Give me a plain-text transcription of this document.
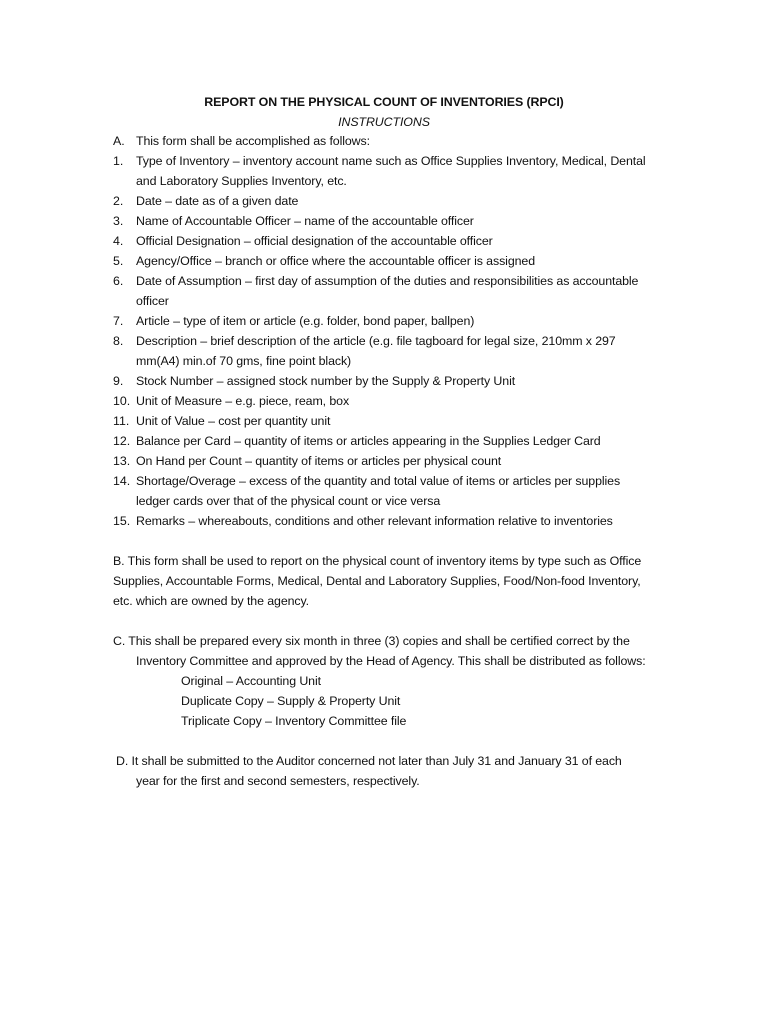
REPORT ON THE PHYSICAL COUNT OF INVENTORIES (RPCI)
INSTRUCTIONS
A. This form shall be accomplished as follows:
1. Type of Inventory – inventory account name such as Office Supplies Inventory, Medical, Dental
and Laboratory Supplies Inventory, etc.
2. Date – date as of a given date
3. Name of Accountable Officer – name of the accountable officer
4. Official Designation – official designation of the accountable officer
5. Agency/Office – branch or office where the accountable officer is assigned
6. Date of Assumption – first day of assumption of the duties and responsibilities as accountable
officer
7. Article – type of item or article (e.g. folder, bond paper, ballpen)
8. Description – brief description of the article (e.g. file tagboard for legal size, 210mm x 297
mm(A4) min.of 70 gms, fine point black)
9. Stock Number – assigned stock number by the Supply & Property Unit
10. Unit of Measure – e.g. piece, ream, box
11. Unit of Value – cost per quantity unit
12. Balance per Card – quantity of items or articles appearing in the Supplies Ledger Card
13. On Hand per Count – quantity of items or articles per physical count
14. Shortage/Overage – excess of the quantity and total value of items or articles per supplies
ledger cards over that of the physical count or vice versa
15. Remarks – whereabouts, conditions and other relevant information relative to inventories
B. This form shall be used to report on the physical count of inventory items by type such as Office
Supplies, Accountable Forms, Medical, Dental and Laboratory Supplies, Food/Non-food Inventory,
etc. which are owned by the agency.
C. This shall be prepared every six month in three (3) copies and shall be certified correct by the
Inventory Committee and approved by the Head of Agency. This shall be distributed as follows:
Original – Accounting Unit
Duplicate Copy – Supply & Property Unit
Triplicate Copy – Inventory Committee file
D. It shall be submitted to the Auditor concerned not later than July 31 and January 31 of each
year for the first and second semesters, respectively.
